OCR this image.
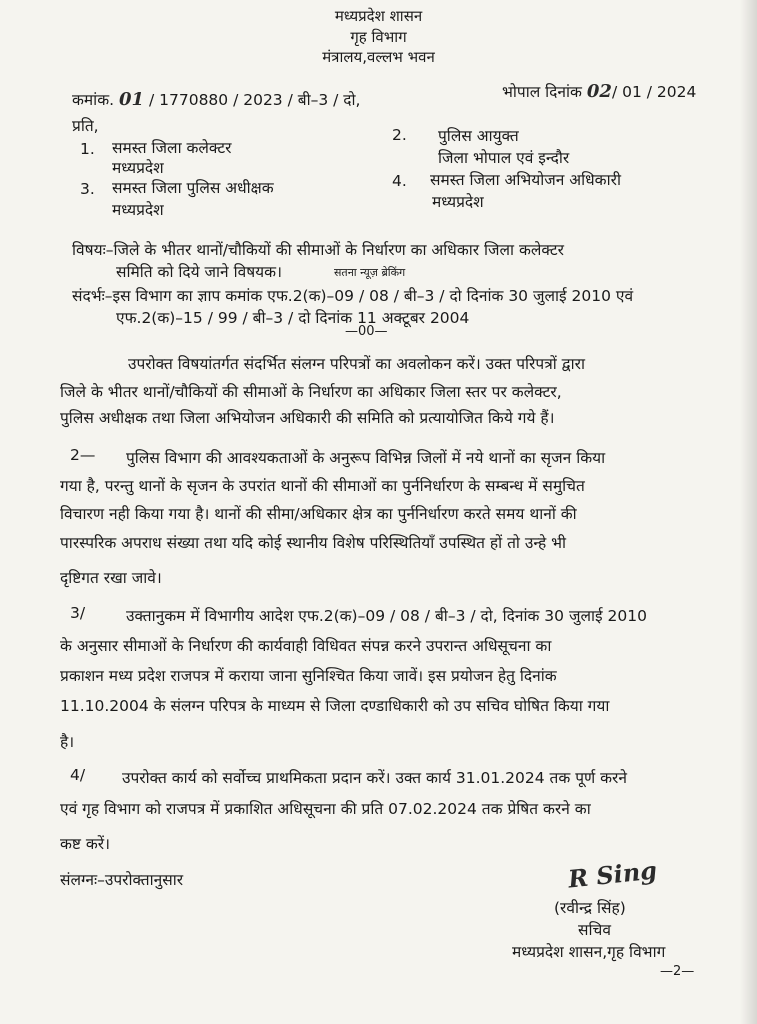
मध्यप्रदेश शासन
गृह विभाग
मंत्रालय,वल्लभ भवन
कमांक. 01 / 1770880 / 2023 / बी–3 / दो,	भोपाल दिनांक 02/ 01 / 2024
प्रति,
1. समस्त जिला कलेक्टर
मध्यप्रदेश
2. पुलिस आयुक्त
जिला भोपाल एवं इन्दौर
3. समस्त जिला पुलिस अधीक्षक
मध्यप्रदेश
4. समस्त जिला अभियोजन अधिकारी
मध्यप्रदेश
विषयः–जिले के भीतर थानों/चौकियों की सीमाओं के निर्धारण का अधिकार जिला कलेक्टर
समिति को दिये जाने विषयक।	सतना न्यूज़ ब्रेकिंग
संदर्भः–इस विभाग का ज्ञाप कमांक एफ.2(क)–09 / 08 / बी–3 / दो दिनांक 30 जुलाई 2010 एवं
एफ.2(क)–15 / 99 / बी–3 / दो दिनांक 11 अक्टूबर 2004
—00—
उपरोक्त विषयांतर्गत संदर्भित संलग्न परिपत्रों का अवलोकन करें। उक्त परिपत्रों द्वारा
जिले के भीतर थानों/चौकियों की सीमाओं के निर्धारण का अधिकार जिला स्तर पर कलेक्टर,
पुलिस अधीक्षक तथा जिला अभियोजन अधिकारी की समिति को प्रत्यायोजित किये गये हैं।
2— पुलिस विभाग की आवश्यकताओं के अनुरूप विभिन्न जिलों में नये थानों का सृजन किया
गया है, परन्तु थानों के सृजन के उपरांत थानों की सीमाओं का पुर्ननिर्धारण के सम्बन्ध में समुचित
विचारण नही किया गया है। थानों की सीमा/अधिकार क्षेत्र का पुर्ननिर्धारण करते समय थानों की
पारस्परिक अपराध संख्या तथा यदि कोई स्थानीय विशेष परिस्थितियॉं उपस्थित हों तो उन्हे भी
दृष्टिगत रखा जावे।
3/	उक्तानुकम में विभागीय आदेश एफ.2(क)–09 / 08 / बी–3 / दो, दिनांक 30 जुलाई 2010
के अनुसार सीमाओं के निर्धारण की कार्यवाही विधिवत संपन्न करने उपरान्त अधिसूचना का
प्रकाशन मध्य प्रदेश राजपत्र में कराया जाना सुनिश्चित किया जावें। इस प्रयोजन हेतु दिनांक
11.10.2004 के संलग्न परिपत्र के माध्यम से जिला दण्डाधिकारी को उप सचिव घोषित किया गया
है।
4/ उपरोक्त कार्य को सर्वोच्च प्राथमिकता प्रदान करें। उक्त कार्य 31.01.2024 तक पूर्ण करने
एवं गृह विभाग को राजपत्र में प्रकाशित अधिसूचना की प्रति 07.02.2024 तक प्रेषित करने का
कष्ट करें।
संलग्नः–उपरोक्तानुसार	R Sing
(रवीन्द्र सिंह)
सचिव
मध्यप्रदेश शासन,गृह विभाग
—2—
